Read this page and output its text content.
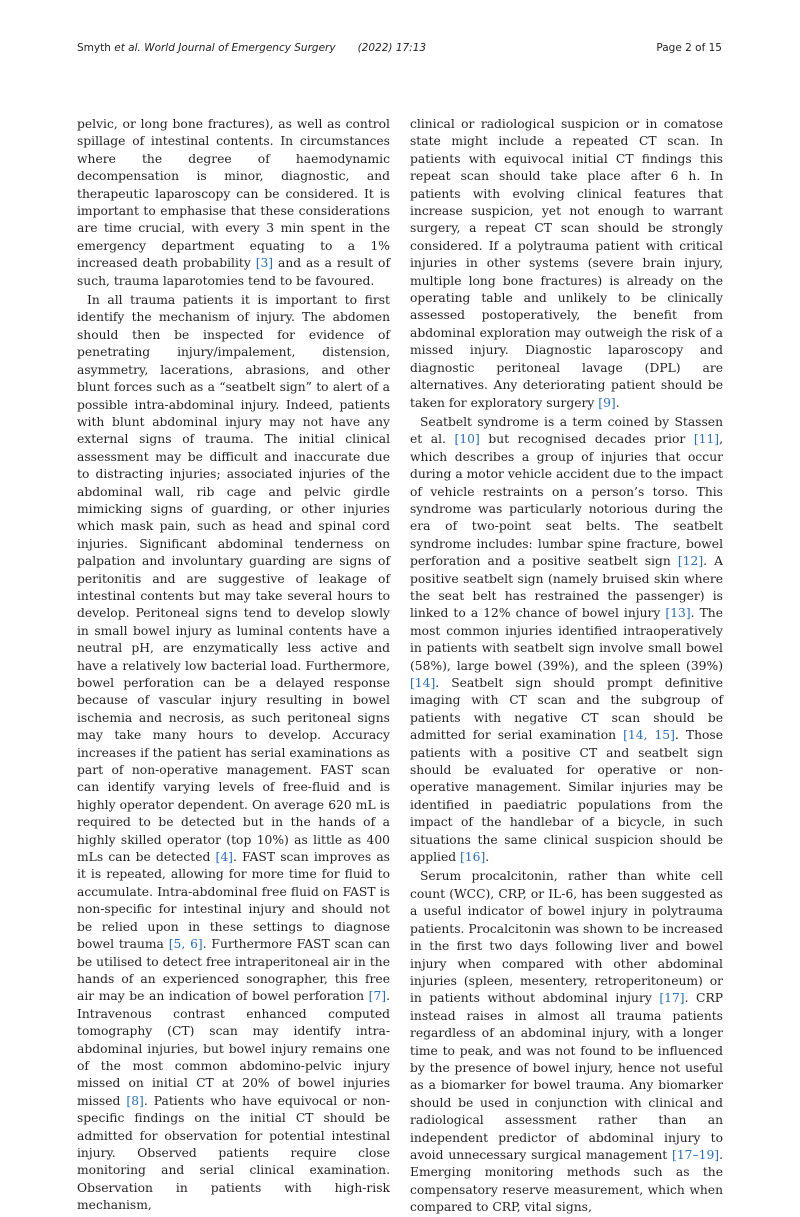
Smyth et al. World Journal of Emergency Surgery (2022) 17:13	Page 2 of 15

pelvic, or long bone fractures), as well as control spillage of intestinal contents. In circumstances where the degree of haemodynamic decompensation is minor, diagnostic, and therapeutic laparoscopy can be considered. It is important to emphasise that these considerations are time crucial, with every 3 min spent in the emergency department equating to a 1% increased death probability [3] and as a result of such, trauma laparotomies tend to be favoured.

In all trauma patients it is important to first identify the mechanism of injury. The abdomen should then be inspected for evidence of penetrating injury/impalement, distension, asymmetry, lacerations, abrasions, and other blunt forces such as a “seatbelt sign” to alert of a possible intra-abdominal injury. Indeed, patients with blunt abdominal injury may not have any external signs of trauma. The initial clinical assessment may be difficult and inaccurate due to distracting injuries; associated injuries of the abdominal wall, rib cage and pelvic girdle mimicking signs of guarding, or other injuries which mask pain, such as head and spinal cord injuries. Significant abdominal tenderness on palpation and involuntary guarding are signs of peritonitis and are suggestive of leakage of intestinal contents but may take several hours to develop. Peritoneal signs tend to develop slowly in small bowel injury as luminal contents have a neutral pH, are enzymatically less active and have a relatively low bacterial load. Furthermore, bowel perforation can be a delayed response because of vascular injury resulting in bowel ischemia and necrosis, as such peritoneal signs may take many hours to develop. Accuracy increases if the patient has serial examinations as part of non-operative management. FAST scan can identify varying levels of free-fluid and is highly operator dependent. On average 620 mL is required to be detected but in the hands of a highly skilled operator (top 10%) as little as 400 mLs can be detected [4]. FAST scan improves as it is repeated, allowing for more time for fluid to accumulate. Intra-abdominal free fluid on FAST is non-specific for intestinal injury and should not be relied upon in these settings to diagnose bowel trauma [5, 6]. Furthermore FAST scan can be utilised to detect free intraperitoneal air in the hands of an experienced sonographer, this free air may be an indication of bowel perforation [7]. Intravenous contrast enhanced computed tomography (CT) scan may identify intra-abdominal injuries, but bowel injury remains one of the most common abdomino-pelvic injury missed on initial CT at 20% of bowel injuries missed [8]. Patients who have equivocal or non-specific findings on the initial CT should be admitted for observation for potential intestinal injury. Observed patients require close monitoring and serial clinical examination. Observation in patients with high-risk mechanism,

clinical or radiological suspicion or in comatose state might include a repeated CT scan. In patients with equivocal initial CT findings this repeat scan should take place after 6 h. In patients with evolving clinical features that increase suspicion, yet not enough to warrant surgery, a repeat CT scan should be strongly considered. If a polytrauma patient with critical injuries in other systems (severe brain injury, multiple long bone fractures) is already on the operating table and unlikely to be clinically assessed postoperatively, the benefit from abdominal exploration may outweigh the risk of a missed injury. Diagnostic laparoscopy and diagnostic peritoneal lavage (DPL) are alternatives. Any deteriorating patient should be taken for exploratory surgery [9].

Seatbelt syndrome is a term coined by Stassen et al. [10] but recognised decades prior [11], which describes a group of injuries that occur during a motor vehicle accident due to the impact of vehicle restraints on a person’s torso. This syndrome was particularly notorious during the era of two-point seat belts. The seatbelt syndrome includes: lumbar spine fracture, bowel perforation and a positive seatbelt sign [12]. A positive seatbelt sign (namely bruised skin where the seat belt has restrained the passenger) is linked to a 12% chance of bowel injury [13]. The most common injuries identified intraoperatively in patients with seatbelt sign involve small bowel (58%), large bowel (39%), and the spleen (39%) [14]. Seatbelt sign should prompt definitive imaging with CT scan and the subgroup of patients with negative CT scan should be admitted for serial examination [14, 15]. Those patients with a positive CT and seatbelt sign should be evaluated for operative or non-operative management. Similar injuries may be identified in paediatric populations from the impact of the handlebar of a bicycle, in such situations the same clinical suspicion should be applied [16].

Serum procalcitonin, rather than white cell count (WCC), CRP, or IL-6, has been suggested as a useful indicator of bowel injury in polytrauma patients. Procalcitonin was shown to be increased in the first two days following liver and bowel injury when compared with other abdominal injuries (spleen, mesentery, retroperitoneum) or in patients without abdominal injury [17]. CRP instead raises in almost all trauma patients regardless of an abdominal injury, with a longer time to peak, and was not found to be influenced by the presence of bowel injury, hence not useful as a biomarker for bowel trauma. Any biomarker should be used in conjunction with clinical and radiological assessment rather than an independent predictor of abdominal injury to avoid unnecessary surgical management [17–19]. Emerging monitoring methods such as the compensatory reserve measurement, which when compared to CRP, vital signs,
